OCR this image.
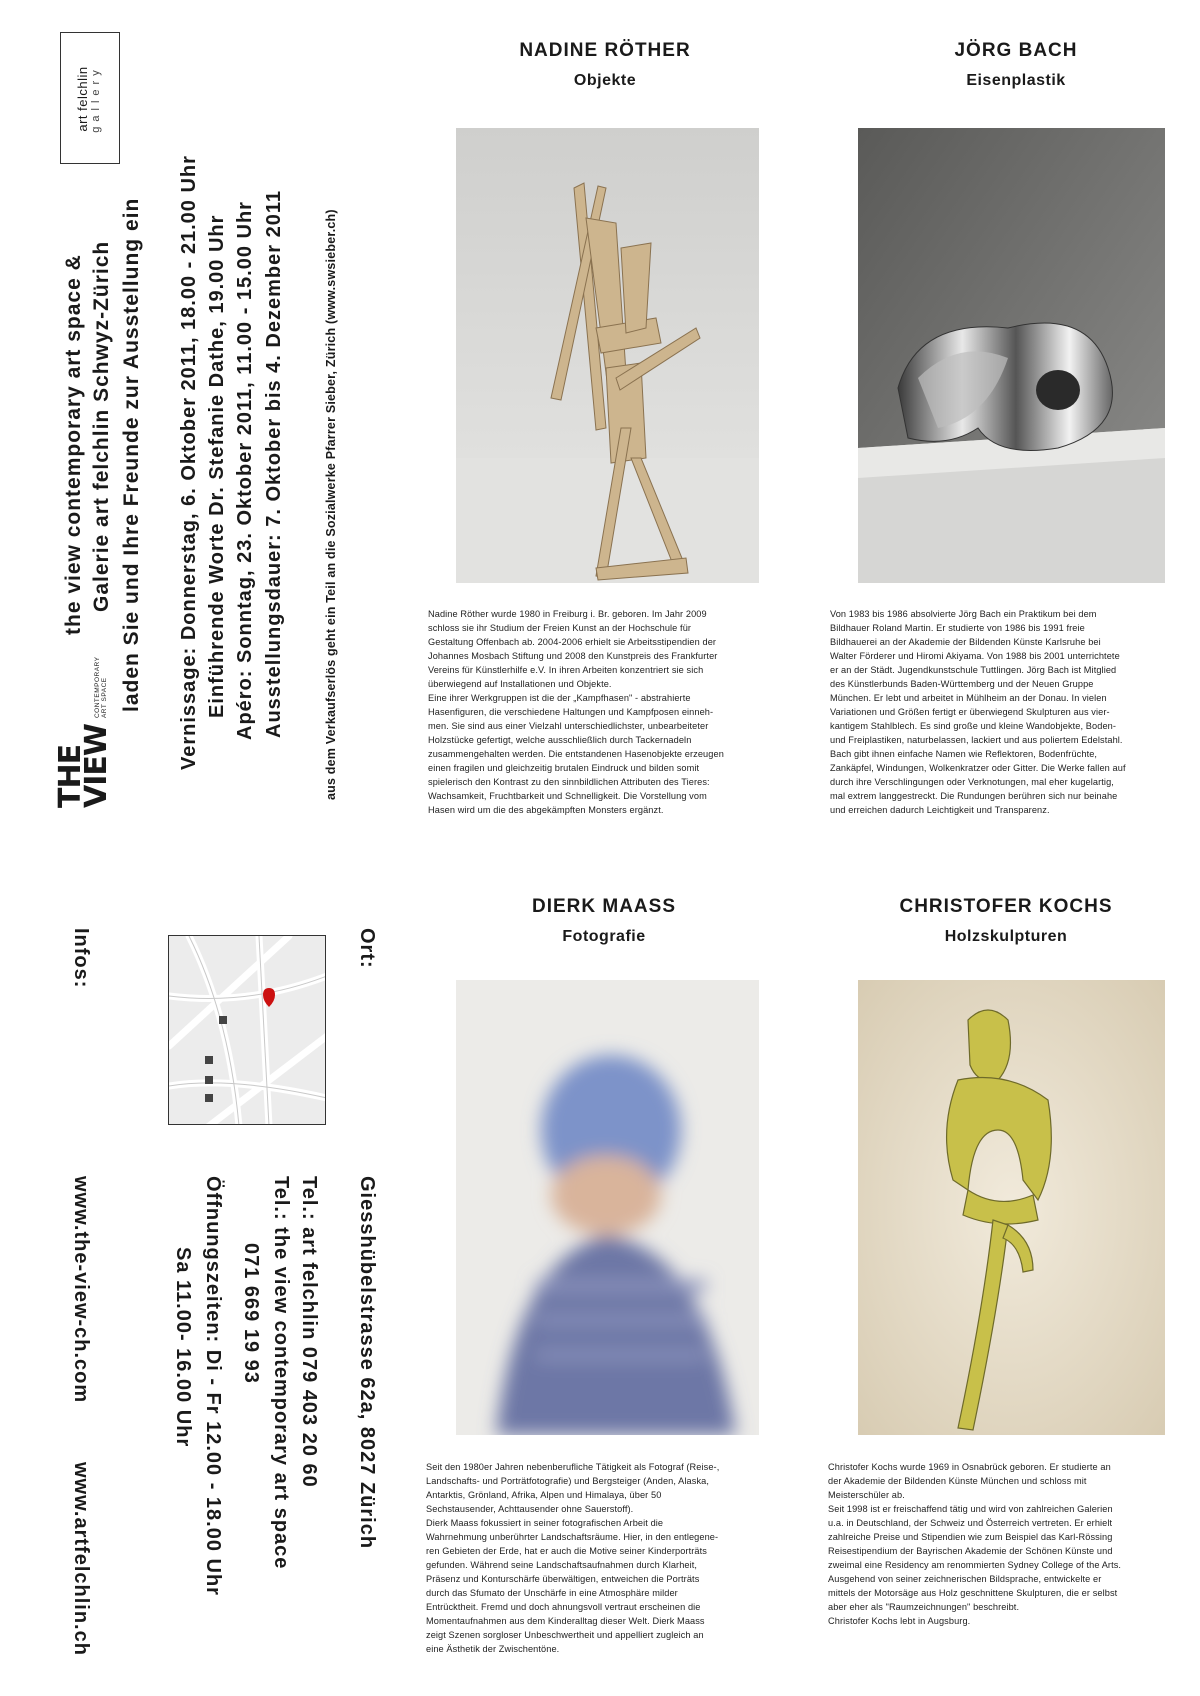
art felchlin gallery
THE
VIEW
CONTEMPORARY ART SPACE
the view contemporary art space & Galerie art felchlin Schwyz-Zürich laden Sie und Ihre Freunde zur Ausstellung ein Vernissage: Donnerstag, 6. Oktober 2011, 18.00 - 21.00 Uhr Einführende Worte Dr. Stefanie Dathe, 19.00 Uhr Apéro: Sonntag, 23. Oktober 2011, 11.00 - 15.00 Uhr Ausstellungsdauer: 7. Oktober bis 4. Dezember 2011	aus dem Verkaufserlös geht ein Teil an die Sozialwerke Pfarrer Sieber, Zürich (www.swsieber.ch)
Ort:
Giesshübelstrasse 62a, 8027 Zürich
Tel.: art felchlin 079 403 20 60
Tel.: the view contemporary art space
071 669 19 93
Öffnungszeiten: Di - Fr 12.00 - 18.00 Uhr
Sa 11.00- 16.00 Uhr
Infos:
www.the-view-ch.com
www.artfelchlin.ch
NADINE RÖTHER
Objekte
Nadine Röther wurde 1980 in Freiburg i. Br. geboren. Im Jahr 2009
schloss sie ihr Studium der Freien Kunst an der Hochschule für
Gestaltung Offenbach ab. 2004-2006 erhielt sie Arbeitsstipendien der
Johannes Mosbach Stiftung und 2008 den Kunstpreis des Frankfurter
Vereins für Künstlerhilfe e.V. In ihren Arbeiten konzentriert sie sich
überwiegend auf Installationen und Objekte.
Eine ihrer Werkgruppen ist die der „Kampfhasen" - abstrahierte
Hasenfiguren, die verschiedene Haltungen und Kampfposen einneh-
men. Sie sind aus einer Vielzahl unterschiedlichster, unbearbeiteter
Holzstücke gefertigt, welche ausschließlich durch Tackernadeln
zusammengehalten werden. Die entstandenen Hasenobjekte erzeugen
einen fragilen und gleichzeitig brutalen Eindruck und bilden somit
spielerisch den Kontrast zu den sinnbildlichen Attributen des Tieres:
Wachsamkeit, Fruchtbarkeit und Schnelligkeit. Die Vorstellung vom
Hasen wird um die des abgekämpften Monsters ergänzt.
JÖRG BACH
Eisenplastik
Von 1983 bis 1986 absolvierte Jörg Bach ein Praktikum bei dem
Bildhauer Roland Martin. Er studierte von 1986 bis 1991 freie
Bildhauerei an der Akademie der Bildenden Künste Karlsruhe bei
Walter Förderer und Hiromi Akiyama. Von 1988 bis 2001 unterrichtete
er an der Städt. Jugendkunstschule Tuttlingen. Jörg Bach ist Mitglied
des Künstlerbunds Baden-Württemberg und der Neuen Gruppe
München. Er lebt und arbeitet in Mühlheim an der Donau. In vielen
Variationen und Größen fertigt er überwiegend Skulpturen aus vier-
kantigem Stahlblech. Es sind große und kleine Wandobjekte, Boden-
und Freiplastiken, naturbelassen, lackiert und aus poliertem Edelstahl.
Bach gibt ihnen einfache Namen wie Reflektoren, Bodenfrüchte,
Zankäpfel, Windungen, Wolkenkratzer oder Gitter. Die Werke fallen auf
durch ihre Verschlingungen oder Verknotungen, mal eher kugelartig,
mal extrem langgestreckt. Die Rundungen berühren sich nur beinahe
und erreichen dadurch Leichtigkeit und Transparenz.
DIERK MAASS
Fotografie
Seit den 1980er Jahren nebenberufliche Tätigkeit als Fotograf (Reise-,
Landschafts- und Porträtfotografie) und Bergsteiger (Anden, Alaska,
Antarktis, Grönland, Afrika, Alpen und Himalaya, über 50
Sechstausender, Achttausender ohne Sauerstoff).
Dierk Maass fokussiert in seiner fotografischen Arbeit die
Wahrnehmung unberührter Landschaftsräume. Hier, in den entlegene-
ren Gebieten der Erde, hat er auch die Motive seiner Kinderporträts
gefunden. Während seine Landschaftsaufnahmen durch Klarheit,
Präsenz und Konturschärfe überwältigen, entweichen die Porträts
durch das Sfumato der Unschärfe in eine Atmosphäre milder
Entrücktheit. Fremd und doch ahnungsvoll vertraut erscheinen die
Momentaufnahmen aus dem Kinderalltag dieser Welt. Dierk Maass
zeigt Szenen sorgloser Unbeschwertheit und appelliert zugleich an
eine Ästhetik der Zwischentöne.
CHRISTOFER KOCHS
Holzskulpturen
Christofer Kochs wurde 1969 in Osnabrück geboren. Er studierte an
der Akademie der Bildenden Künste München und schloss mit
Meisterschüler ab.
Seit 1998 ist er freischaffend tätig und wird von zahlreichen Galerien
u.a. in Deutschland, der Schweiz und Österreich vertreten. Er erhielt
zahlreiche Preise und Stipendien wie zum Beispiel das Karl-Rössing
Reisestipendium der Bayrischen Akademie der Schönen Künste und
zweimal eine Residency am renommierten Sydney College of the Arts.
Ausgehend von seiner zeichnerischen Bildsprache, entwickelte er
mittels der Motorsäge aus Holz geschnittene Skulpturen, die er selbst
aber eher als "Raumzeichnungen" beschreibt.
Christofer Kochs lebt in Augsburg.
